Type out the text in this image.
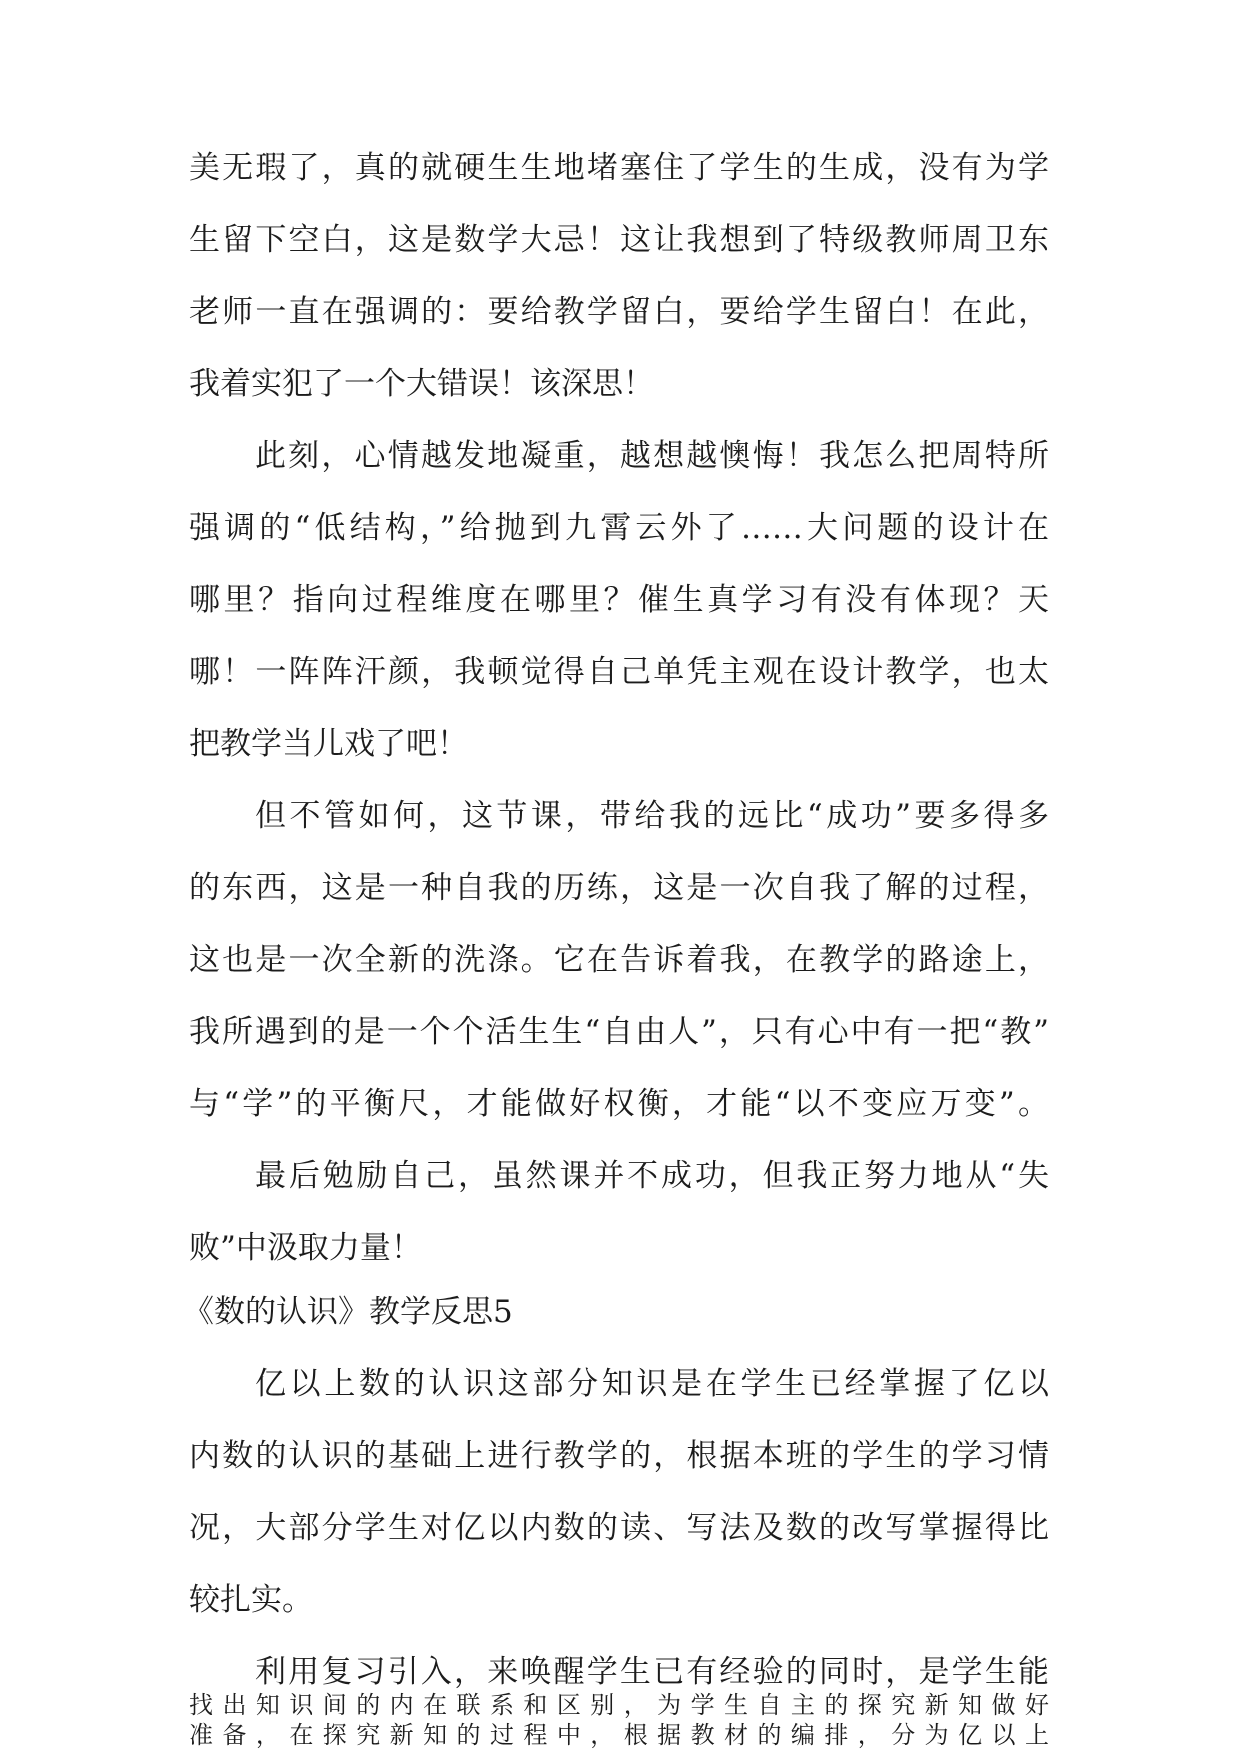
美无瑕了，真的就硬生生地堵塞住了学生的生成，没有为学
生留下空白，这是数学大忌！这让我想到了特级教师周卫东
老师一直在强调的：要给教学留白，要给学生留白！在此，
我着实犯了一个大错误！该深思！
此刻，心情越发地凝重，越想越懊悔！我怎么把周特所
强调的“低结构，”给抛到九霄云外了……大问题的设计在
哪里？指向过程维度在哪里？催生真学习有没有体现？天
哪！一阵阵汗颜，我顿觉得自己单凭主观在设计教学，也太
把教学当儿戏了吧！
但不管如何，这节课，带给我的远比“成功”要多得多
的东西，这是一种自我的历练，这是一次自我了解的过程，
这也是一次全新的洗涤。它在告诉着我，在教学的路途上，
我所遇到的是一个个活生生“自由人”，只有心中有一把“教”
与“学”的平衡尺，才能做好权衡，才能“以不变应万变”。
最后勉励自己，虽然课并不成功，但我正努力地从“失
败”中汲取力量！
《数的认识》教学反思5
亿以上数的认识这部分知识是在学生已经掌握了亿以
内数的认识的基础上进行教学的，根据本班的学生的学习情
况，大部分学生对亿以内数的读、写法及数的改写掌握得比
较扎实。
利用复习引入，来唤醒学生已有经验的同时，是学生能
找出知识间的内在联系和区别，为学生自主的探究新知做好
准备，在探究新知的过程中，根据教材的编排，分为亿以上
